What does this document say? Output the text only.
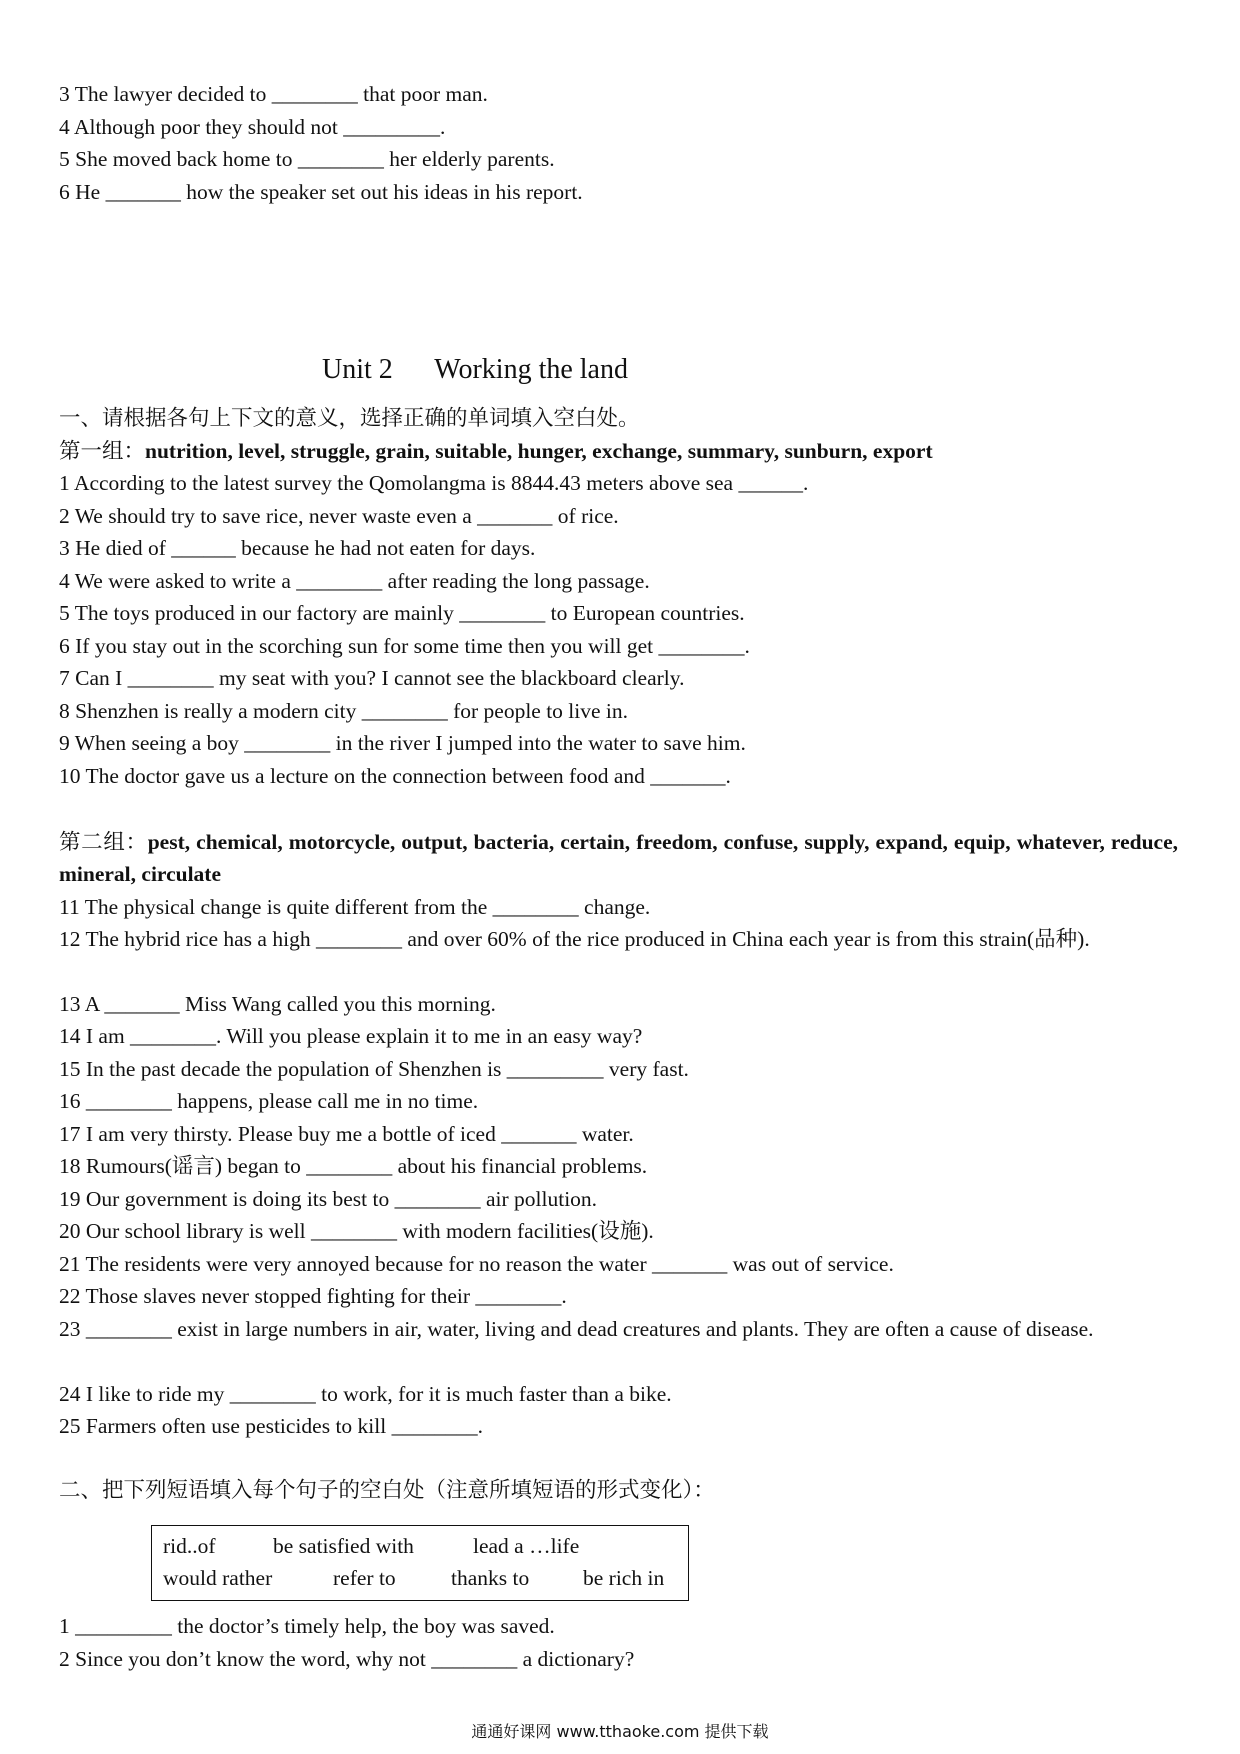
3 The lawyer decided to ________ that poor man.
4 Although poor they should not _________.
5 She moved back home to ________ her elderly parents.
6 He _______ how the speaker set out his ideas in his report.
Unit 2      Working the land
一、请根据各句上下文的意义，选择正确的单词填入空白处。
第一组：nutrition, level, struggle, grain, suitable, hunger, exchange, summary, sunburn, export
1 According to the latest survey the Qomolangma is 8844.43 meters above sea ______.
2 We should try to save rice, never waste even a _______ of rice.
3 He died of ______ because he had not eaten for days.
4 We were asked to write a ________ after reading the long passage.
5 The toys produced in our factory are mainly ________ to European countries.
6 If you stay out in the scorching sun for some time then you will get ________.
7 Can I ________ my seat with you? I cannot see the blackboard clearly.
8 Shenzhen is really a modern city ________ for people to live in.
9 When seeing a boy ________ in the river I jumped into the water to save him.
10 The doctor gave us a lecture on the connection between food and _______.
第二组：pest, chemical, motorcycle, output, bacteria, certain, freedom, confuse, supply, expand, equip, whatever, reduce, mineral, circulate
11 The physical change is quite different from the ________ change.
12 The hybrid rice has a high ________ and over 60% of the rice produced in China each year is from this strain(品种).
13 A _______ Miss Wang called you this morning.
14 I am ________. Will you please explain it to me in an easy way?
15 In the past decade the population of Shenzhen is _________ very fast.
16 ________ happens, please call me in no time.
17 I am very thirsty. Please buy me a bottle of iced _______ water.
18 Rumours(谣言) began to ________ about his financial problems.
19 Our government is doing its best to ________ air pollution.
20 Our school library is well ________ with modern facilities(设施).
21 The residents were very annoyed because for no reason the water _______ was out of service.
22 Those slaves never stopped fighting for their ________.
23 ________ exist in large numbers in air, water, living and dead creatures and plants. They are often a cause of disease.
24 I like to ride my ________ to work, for it is much faster than a bike.
25 Farmers often use pesticides to kill ________.
二、把下列短语填入每个句子的空白处（注意所填短语的形式变化）：
rid..of	be satisfied with	lead a …life
would rather	refer to	thanks to	be rich in
1 _________ the doctor’s timely help, the boy was saved.
2 Since you don’t know the word, why not ________ a dictionary?
通通好课网 www.tthaoke.com 提供下载
